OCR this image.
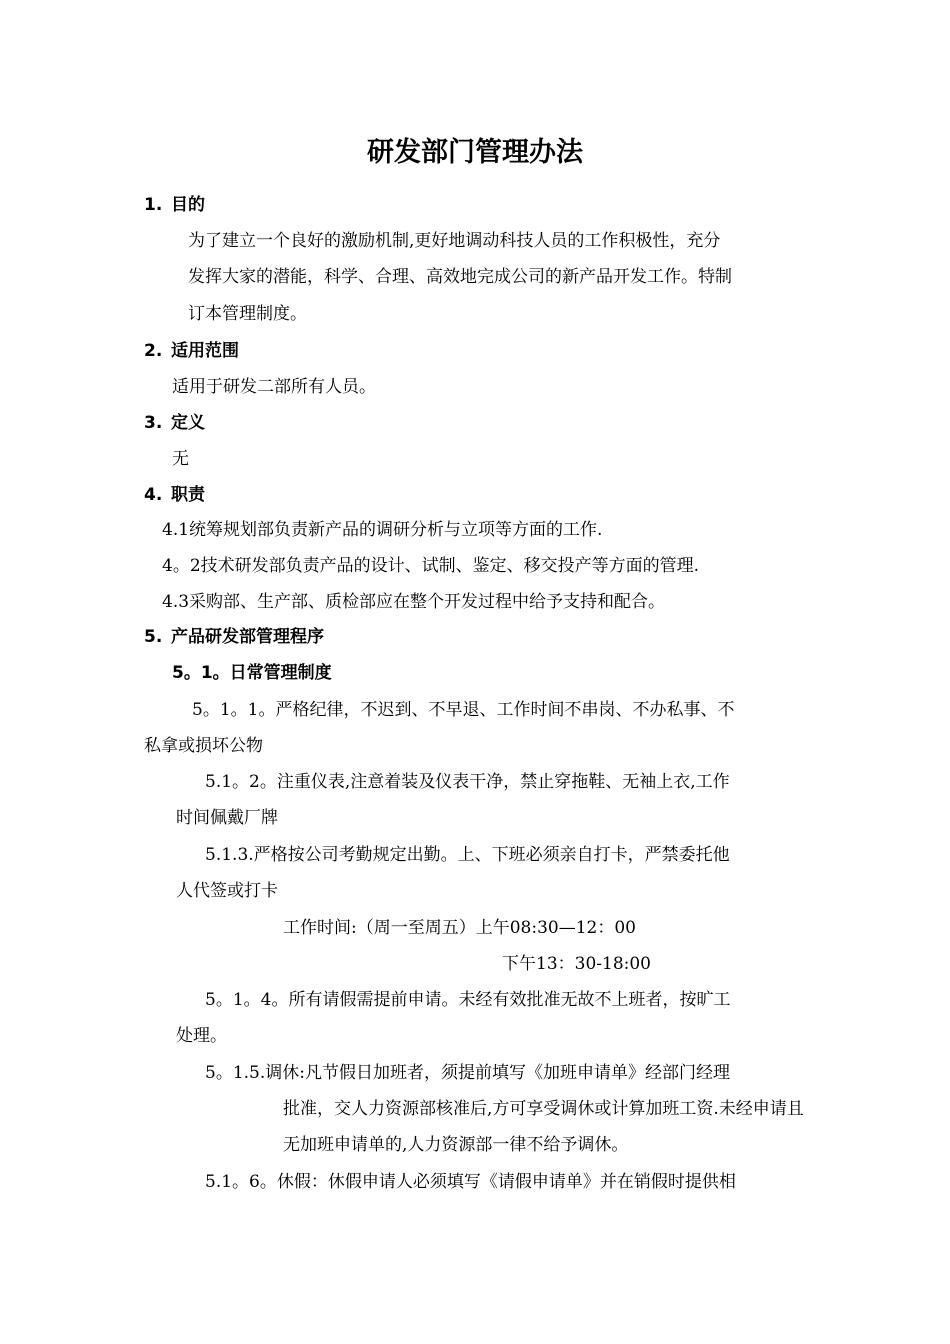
研发部门管理办法
1. 目的
为了建立一个良好的激励机制,更好地调动科技人员的工作积极性，充分
发挥大家的潜能，科学、合理、高效地完成公司的新产品开发工作。特制
订本管理制度。
2. 适用范围
适用于研发二部所有人员。
3. 定义
无
4. 职责
4.1统筹规划部负责新产品的调研分析与立项等方面的工作.
4。2技术研发部负责产品的设计、试制、鉴定、移交投产等方面的管理.
4.3采购部、生产部、质检部应在整个开发过程中给予支持和配合。
5. 产品研发部管理程序
5。1。日常管理制度
5。1。1。严格纪律，不迟到、不早退、工作时间不串岗、不办私事、不
私拿或损坏公物
5.1。2。注重仪表,注意着装及仪表干净，禁止穿拖鞋、无袖上衣,工作
时间佩戴厂牌
5.1.3.严格按公司考勤规定出勤。上、下班必须亲自打卡，严禁委托他
人代签或打卡
工作时间:（周一至周五）上午08:30—12：00
下午13：30-18:00
5。1。4。所有请假需提前申请。未经有效批准无故不上班者，按旷工
处理。
5。1.5.调休:凡节假日加班者，须提前填写《加班申请单》经部门经理
批准，交人力资源部核准后,方可享受调休或计算加班工资.未经申请且无加班申请单的,人力资源部一律不给予调休。
5.1。6。休假：休假申请人必须填写《请假申请单》并在销假时提供相
